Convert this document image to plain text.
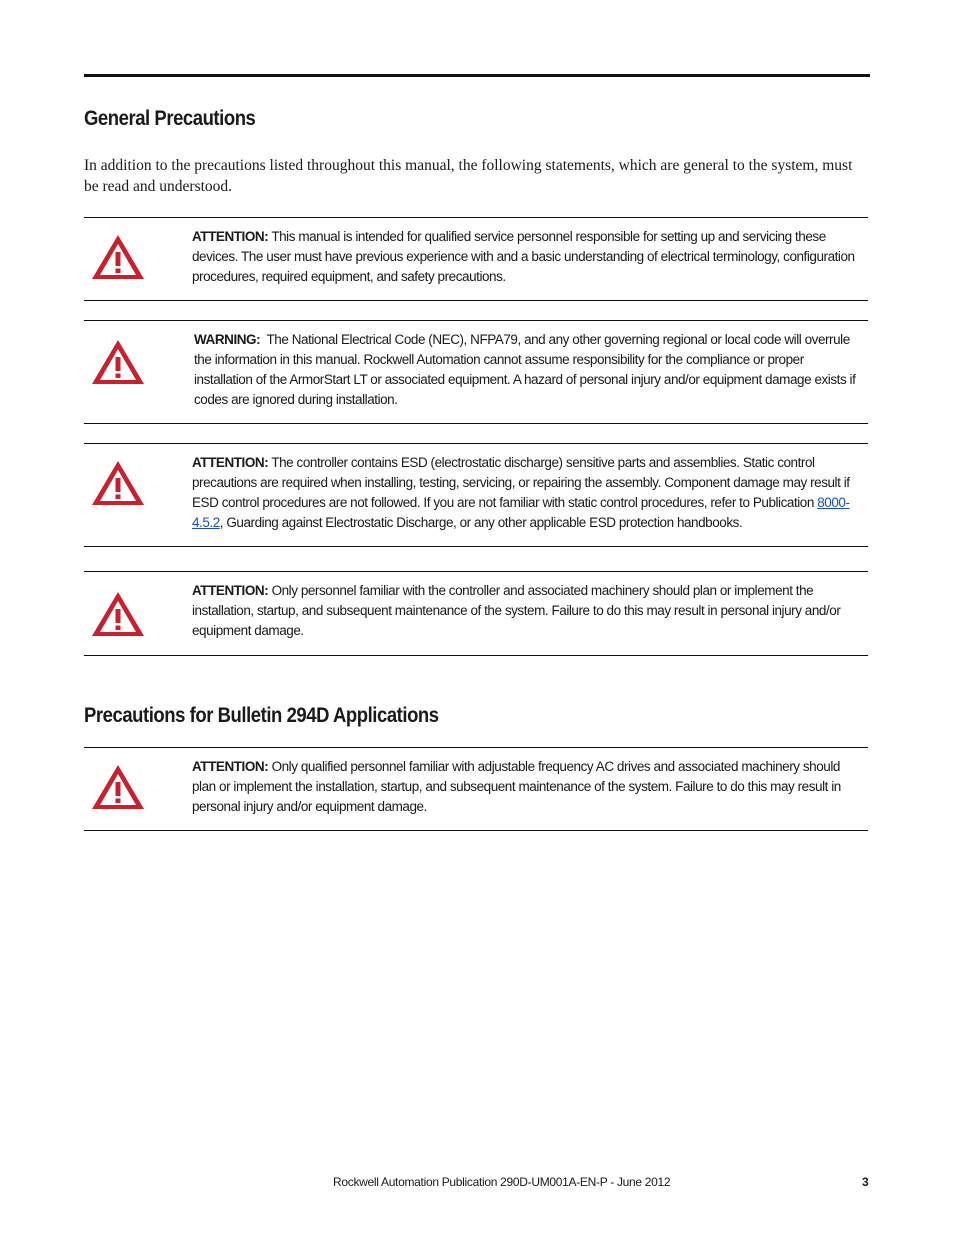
General Precautions

In addition to the precautions listed throughout this manual, the following statements, which are general to the system, must be read and understood.

ATTENTION: This manual is intended for qualified service personnel responsible for setting up and servicing these devices. The user must have previous experience with and a basic understanding of electrical terminology, configuration procedures, required equipment, and safety precautions.

WARNING: The National Electrical Code (NEC), NFPA79, and any other governing regional or local code will overrule the information in this manual. Rockwell Automation cannot assume responsibility for the compliance or proper installation of the ArmorStart LT or associated equipment. A hazard of personal injury and/or equipment damage exists if codes are ignored during installation.

ATTENTION: The controller contains ESD (electrostatic discharge) sensitive parts and assemblies. Static control precautions are required when installing, testing, servicing, or repairing the assembly. Component damage may result if ESD control procedures are not followed. If you are not familiar with static control procedures, refer to Publication 8000-4.5.2, Guarding against Electrostatic Discharge, or any other applicable ESD protection handbooks.

ATTENTION: Only personnel familiar with the controller and associated machinery should plan or implement the installation, startup, and subsequent maintenance of the system. Failure to do this may result in personal injury and/or equipment damage.

Precautions for Bulletin 294D Applications

ATTENTION: Only qualified personnel familiar with adjustable frequency AC drives and associated machinery should plan or implement the installation, startup, and subsequent maintenance of the system. Failure to do this may result in personal injury and/or equipment damage.

Rockwell Automation Publication 290D-UM001A-EN-P - June 2012	3
